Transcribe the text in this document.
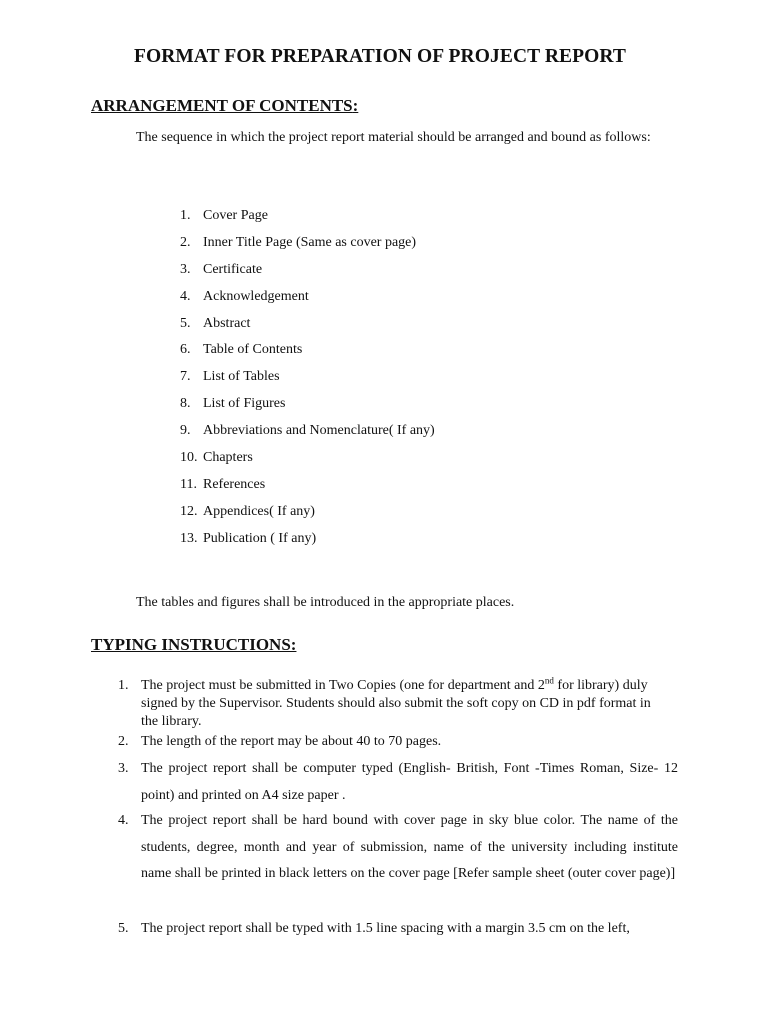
FORMAT FOR PREPARATION OF PROJECT REPORT
ARRANGEMENT OF CONTENTS:

The sequence in which the project report material should be arranged and bound as follows:

1. Cover Page
2. Inner Title Page (Same as cover page)
3. Certificate
4. Acknowledgement
5. Abstract
6. Table of Contents
7. List of Tables
8. List of Figures
9. Abbreviations and Nomenclature( If any)
10. Chapters
11. References
12. Appendices( If any)
13. Publication ( If any)
The tables and figures shall be introduced in the appropriate places.
TYPING INSTRUCTIONS:
1. The project must be submitted in Two Copies (one for department and 2nd for library) duly signed by the Supervisor. Students should also submit the soft copy on CD in pdf format in the library.
2. The length of the report may be about 40 to 70 pages.
3. The project report shall be computer typed (English- British, Font -Times Roman, Size- 12 point) and printed on A4 size paper .
4. The project report shall be hard bound with cover page in sky blue color. The name of the students, degree, month and year of submission, name of the university including institute name shall be printed in black letters on the cover page [Refer sample sheet (outer cover page)]
5. The project report shall be typed with 1.5 line spacing with a margin 3.5 cm on the left,
